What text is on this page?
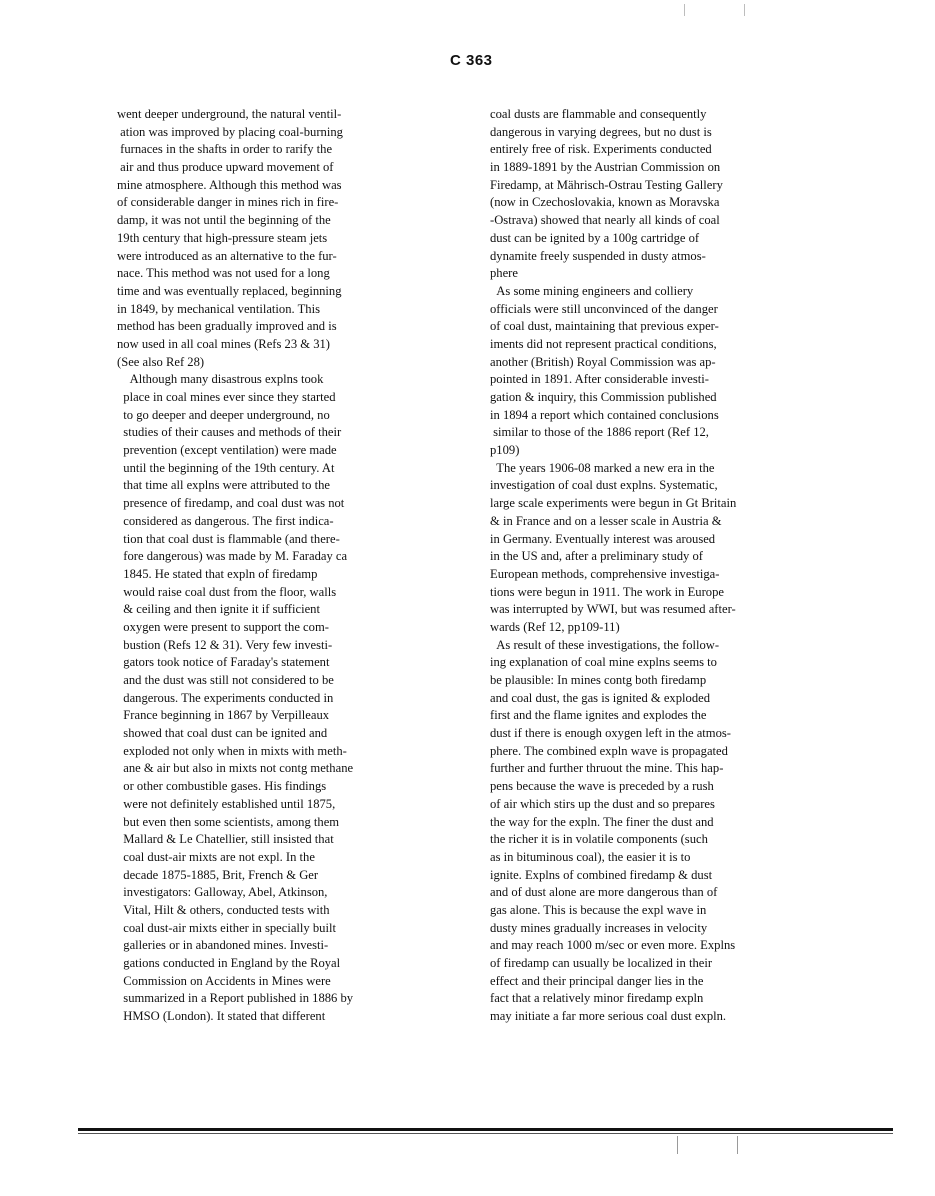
C 363
went deeper underground, the natural ventil-
ation was improved by placing coal-burning
furnaces in the shafts in order to rarify the
air and thus produce upward movement of
mine atmosphere. Although this method was
of considerable danger in mines rich in fire-
damp, it was not until the beginning of the
19th century that high-pressure steam jets
were introduced as an alternative to the fur-
nace. This method was not used for a long
time and was eventually replaced, beginning
in 1849, by mechanical ventilation. This
method has been gradually improved and is
now used in all coal mines (Refs 23 & 31)
(See also Ref 28)
Although many disastrous explns took
place in coal mines ever since they started
to go deeper and deeper underground, no
studies of their causes and methods of their
prevention (except ventilation) were made
until the beginning of the 19th century. At
that time all explns were attributed to the
presence of firedamp, and coal dust was not
considered as dangerous. The first indica-
tion that coal dust is flammable (and there-
fore dangerous) was made by M. Faraday ca
1845. He stated that expln of firedamp
would raise coal dust from the floor, walls
& ceiling and then ignite it if sufficient
oxygen were present to support the com-
bustion (Refs 12 & 31). Very few investi-
gators took notice of Faraday's statement
and the dust was still not considered to be
dangerous. The experiments conducted in
France beginning in 1867 by Verpilleaux
showed that coal dust can be ignited and
exploded not only when in mixts with meth-
ane & air but also in mixts not contg methane
or other combustible gases. His findings
were not definitely established until 1875,
but even then some scientists, among them
Mallard & Le Chatellier, still insisted that
coal dust-air mixts are not expl. In the
decade 1875-1885, Brit, French & Ger
investigators: Galloway, Abel, Atkinson,
Vital, Hilt & others, conducted tests with
coal dust-air mixts either in specially built
galleries or in abandoned mines. Investi-
gations conducted in England by the Royal
Commission on Accidents in Mines were
summarized in a Report published in 1886 by
HMSO (London). It stated that different
coal dusts are flammable and consequently
dangerous in varying degrees, but no dust is
entirely free of risk. Experiments conducted
in 1889-1891 by the Austrian Commission on
Firedamp, at Mährisch-Ostrau Testing Gallery
(now in Czechoslovakia, known as Moravska
-Ostrava) showed that nearly all kinds of coal
dust can be ignited by a 100g cartridge of
dynamite freely suspended in dusty atmos-
phere
As some mining engineers and colliery
officials were still unconvinced of the danger
of coal dust, maintaining that previous exper-
iments did not represent practical conditions,
another (British) Royal Commission was ap-
pointed in 1891. After considerable investi-
gation & inquiry, this Commission published
in 1894 a report which contained conclusions
similar to those of the 1886 report (Ref 12,
p109)
The years 1906-08 marked a new era in the
investigation of coal dust explns. Systematic,
large scale experiments were begun in Gt Britain
& in France and on a lesser scale in Austria &
in Germany. Eventually interest was aroused
in the US and, after a preliminary study of
European methods, comprehensive investiga-
tions were begun in 1911. The work in Europe
was interrupted by WWI, but was resumed after-
wards (Ref 12, pp109-11)
As result of these investigations, the follow-
ing explanation of coal mine explns seems to
be plausible: In mines contg both firedamp
and coal dust, the gas is ignited & exploded
first and the flame ignites and explodes the
dust if there is enough oxygen left in the atmos-
phere. The combined expln wave is propagated
further and further thruout the mine. This hap-
pens because the wave is preceded by a rush
of air which stirs up the dust and so prepares
the way for the expln. The finer the dust and
the richer it is in volatile components (such
as in bituminous coal), the easier it is to
ignite. Explns of combined firedamp & dust
and of dust alone are more dangerous than of
gas alone. This is because the expl wave in
dusty mines gradually increases in velocity
and may reach 1000 m/sec or even more. Explns
of firedamp can usually be localized in their
effect and their principal danger lies in the
fact that a relatively minor firedamp expln
may initiate a far more serious coal dust expln.
